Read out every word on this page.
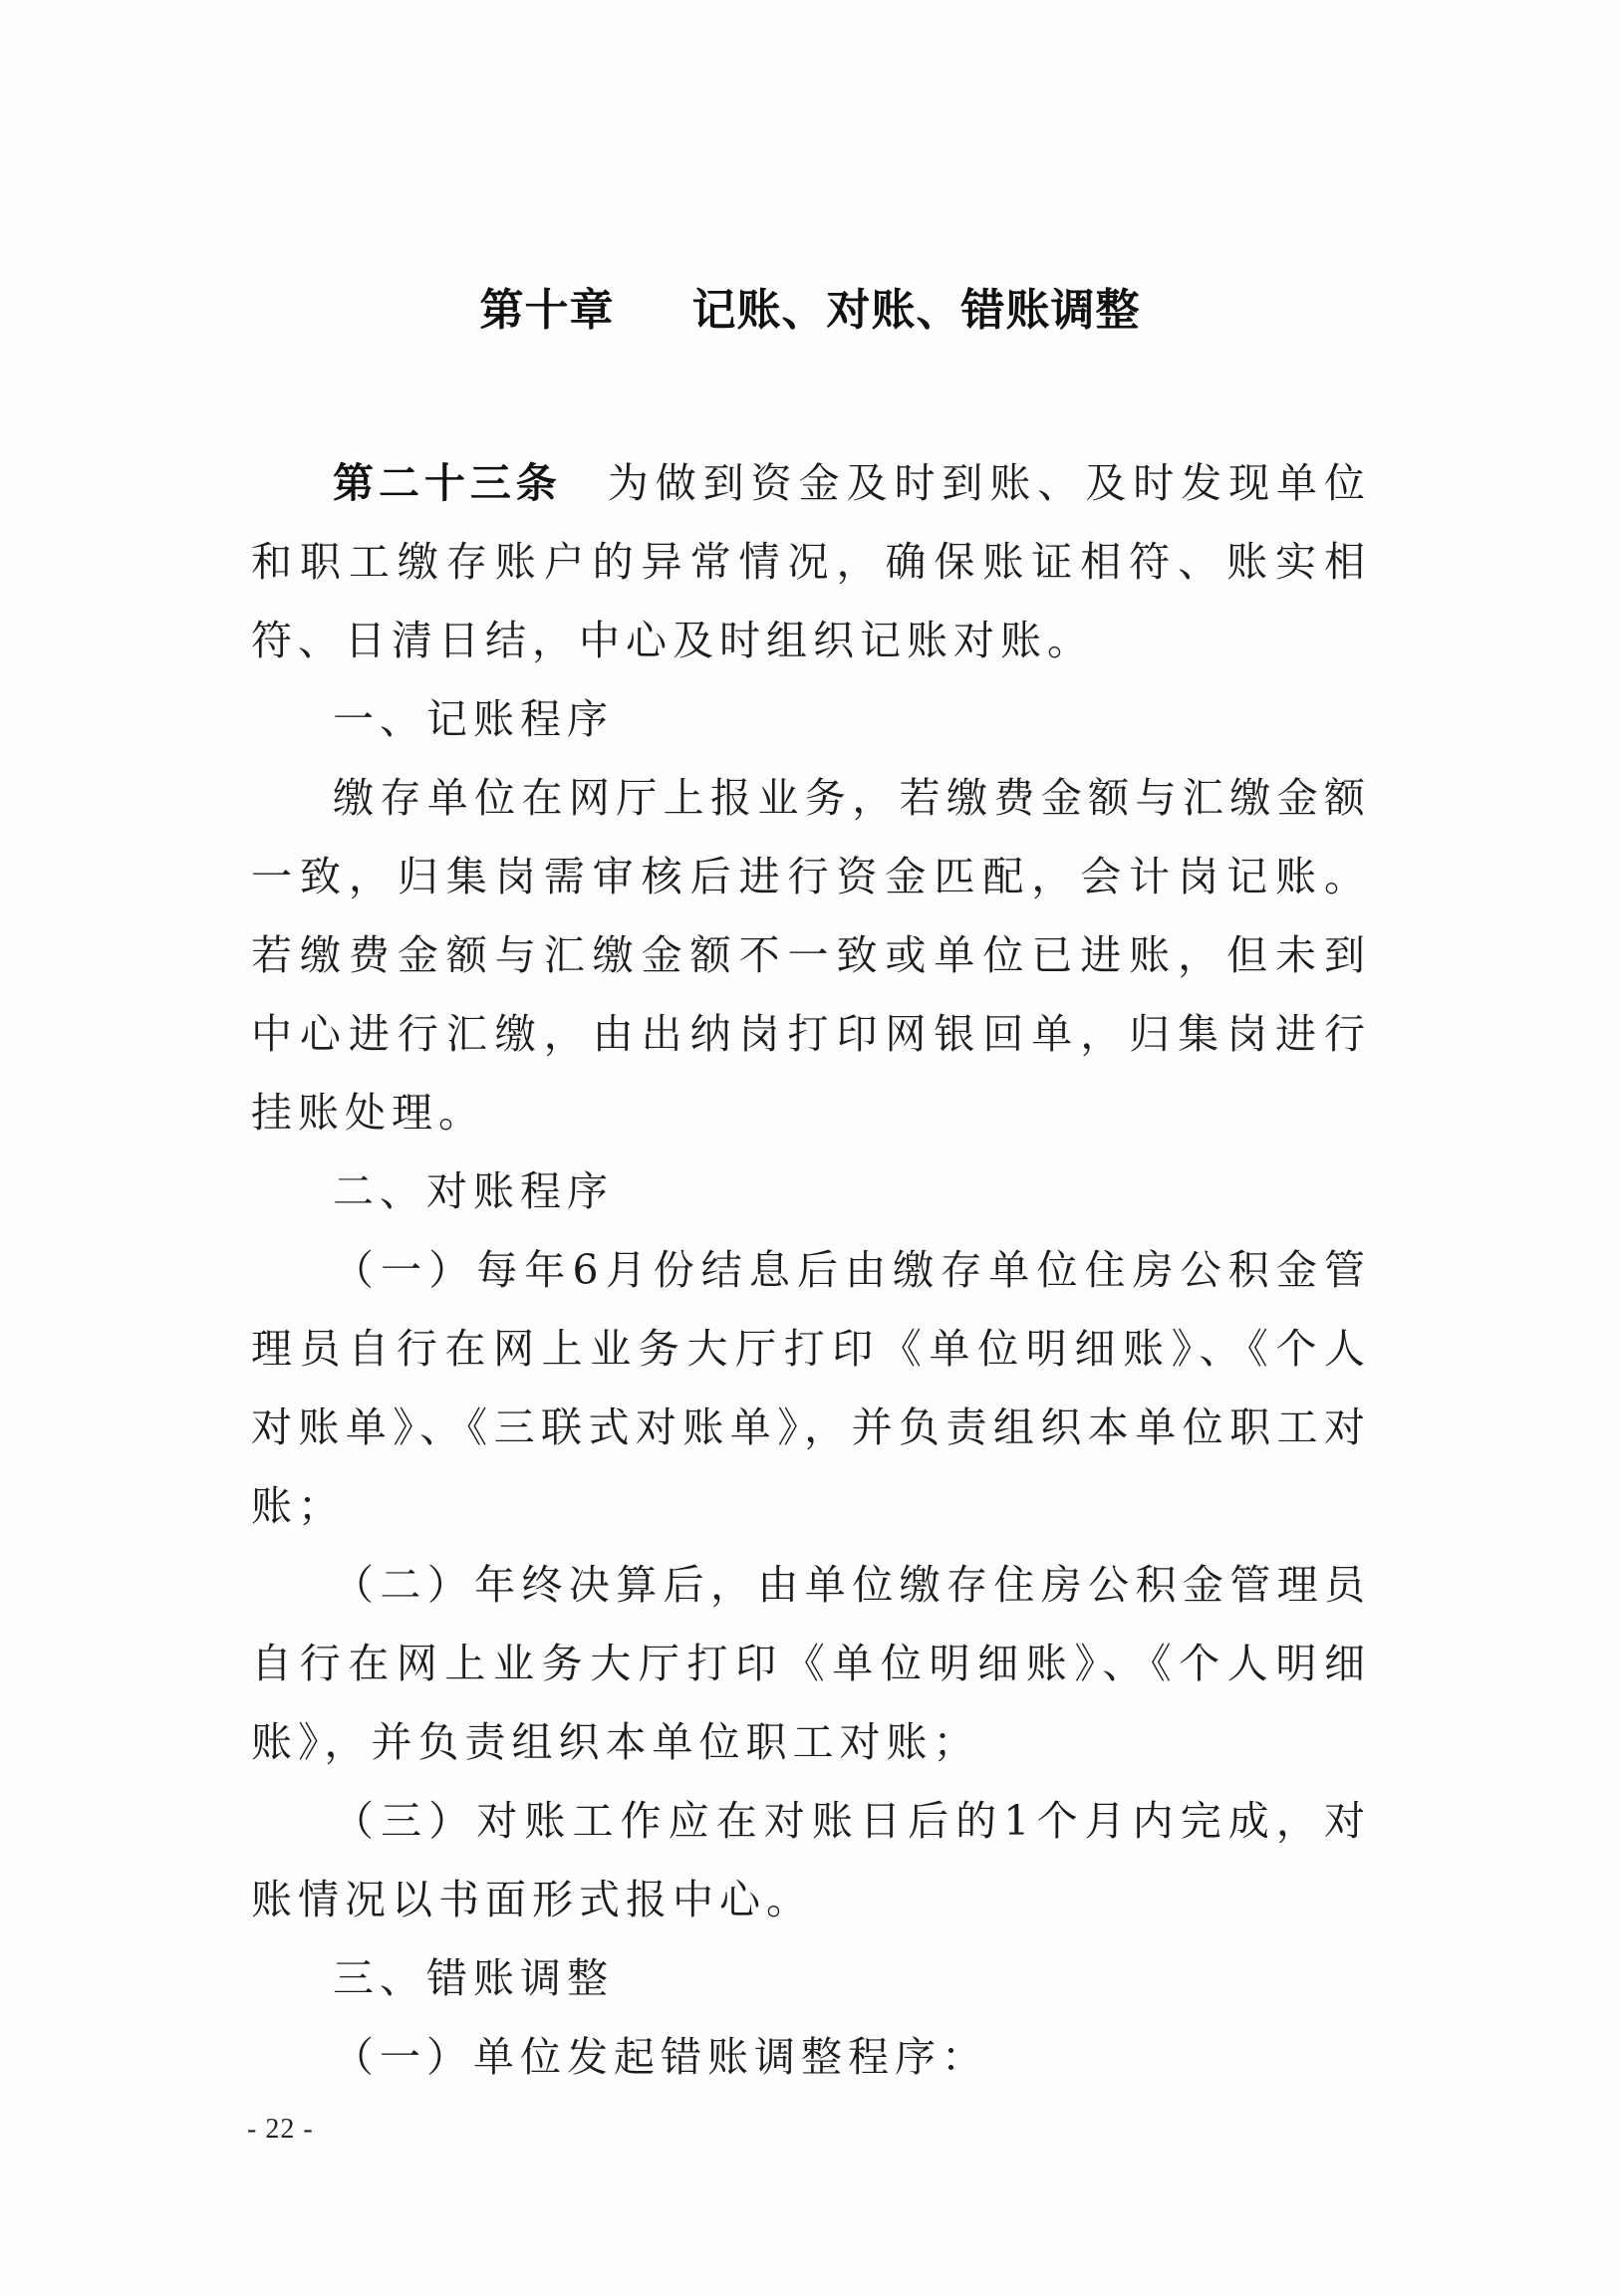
第十章 记账、对账、错账调整

第二十三条 为做到资金及时到账、及时发现单位和职工缴存账户的异常情况，确保账证相符、账实相符、日清日结，中心及时组织记账对账。

一、记账程序

缴存单位在网厅上报业务，若缴费金额与汇缴金额一致，归集岗需审核后进行资金匹配，会计岗记账。若缴费金额与汇缴金额不一致或单位已进账，但未到中心进行汇缴，由出纳岗打印网银回单，归集岗进行挂账处理。

二、对账程序

（一）每年6月份结息后由缴存单位住房公积金管理员自行在网上业务大厅打印《单位明细账》、《个人对账单》、《三联式对账单》，并负责组织本单位职工对账；

（二）年终决算后，由单位缴存住房公积金管理员自行在网上业务大厅打印《单位明细账》、《个人明细账》，并负责组织本单位职工对账；

（三）对账工作应在对账日后的1个月内完成，对账情况以书面形式报中心。

三、错账调整

（一）单位发起错账调整程序：

- 22 -
